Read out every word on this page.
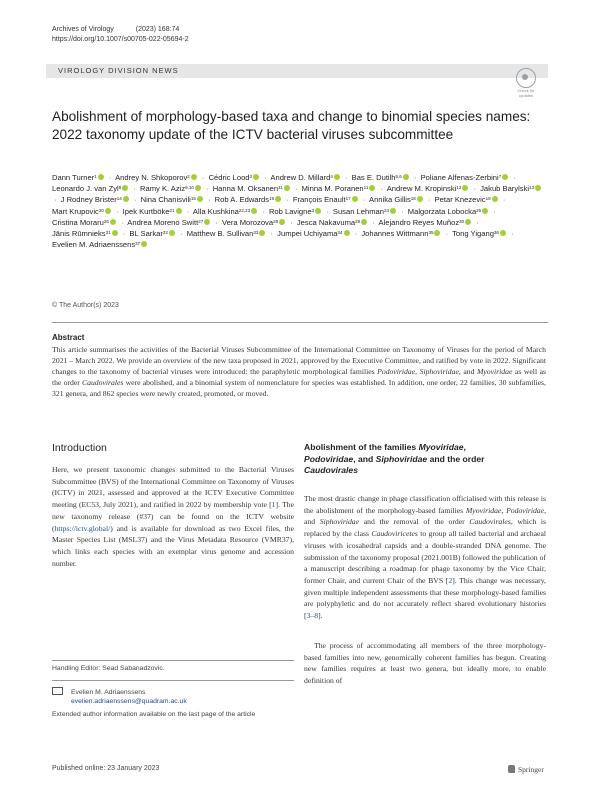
Archives of Virology	(2023) 168:74
https://doi.org/10.1007/s00705-022-05694-2
VIROLOGY DIVISION NEWS
Check for updates
Abolishment of morphology-based taxa and change to binomial species names: 2022 taxonomy update of the ICTV bacterial viruses subcommittee
Dann Turner$^1$ · Andrey N. Shkoporov$^2$ · Cédric Lood$^3$ · Andrew D. Millard$^4$ · Bas E. Dutilh$^{5,6}$ · Poliane Alfenas-Zerbini$^7$ · Leonardo J. van Zyl$^8$ · Ramy K. Aziz$^{9,10}$ · Hanna M. Oksanen$^{11}$ · Minna M. Poranen$^{11}$ · Andrew M. Kropinski$^{12}$ · Jakub Barylski$^{13}$ · J Rodney Brister$^{14}$ · Nina Chanisvili$^{15}$ · Rob A. Edwards$^{16}$ · François Enault$^{17}$ · Annika Gillis$^{18}$ · Petar Knezevic$^{19}$ · Mart Krupovic$^{20}$ · Ipek Kurtböke$^{21}$ · Alla Kushkina$^{22,23}$ · Rob Lavigne$^3$ · Susan Lehman$^{24}$ · Malgorzata Lobocka$^{25}$ · Cristina Moraru$^{26}$ · Andrea Moreno Switt$^{27}$ · Vera Morozova$^{28}$ · Jesca Nakavuma$^{29}$ · Alejandro Reyes Muñoz$^{30}$ · Jānis Rūmnieks$^{31}$ · BL Sarkar$^{32}$ · Matthew B. Sullivan$^{33}$ · Jumpei Uchiyama$^{34}$ · Johannes Wittmann$^{35}$ · Tong Yigang$^{36}$ · Evelien M. Adriaenssens$^{37}$
© The Author(s) 2023
Abstract
This article summarises the activities of the Bacterial Viruses Subcommittee of the International Committee on Taxonomy of Viruses for the period of March 2021 – March 2022. We provide an overview of the new taxa proposed in 2021, approved by the Executive Committee, and ratified by vote in 2022. Significant changes to the taxonomy of bacterial viruses were introduced: the paraphyletic morphological families Podoviridae, Siphoviridae, and Myoviridae as well as the order Caudovirales were abolished, and a binomial system of nomenclature for species was established. In addition, one order, 22 families, 30 subfamilies, 321 genera, and 862 species were newly created, promoted, or moved.
Introduction
Here, we present taxonomic changes submitted to the Bacterial Viruses Subcommittee (BVS) of the International Committee on Taxonomy of Viruses (ICTV) in 2021, assessed and approved at the ICTV Executive Committee meeting (EC53, July 2021), and ratified in 2022 by membership vote [1]. The new taxonomy release (#37) can be found on the ICTV website (https://ictv.global/) and is available for download as two Excel files, the Master Species List (MSL37) and the Virus Metadata Resource (VMR37), which links each species with an exemplar virus genome and accession number.
Abolishment of the families Myoviridae,
Podoviridae, and Siphoviridae and the order
Caudovirales
The most drastic change in phage classification officialised with this release is the abolishment of the morphology-based families Myoviridae, Podoviridae, and Siphoviridae and the removal of the order Caudovirales, which is replaced by the class Caudoviricetes to group all tailed bacterial and archaeal viruses with icosahedral capsids and a double-stranded DNA genome. The submission of the taxonomy proposal (2021.001B) followed the publication of a manuscript describing a roadmap for phage taxonomy by the Vice Chair, former Chair, and current Chair of the BVS [2]. This change was necessary, given multiple independent assessments that these morphology-based families are polyphyletic and do not accurately reflect shared evolutionary histories [3–8].
The process of accommodating all members of the three morphology-based families into new, genomically coherent families has begun. Creating new families requires at least two genera, but ideally more, to enable definition of
Handling Editor: Sead Sabanadzovic.
Evelien M. Adriaenssens
evelien.adriaenssens@quadram.ac.uk
Extended author information available on the last page of the article
Published online: 23 January 2023	Springer
